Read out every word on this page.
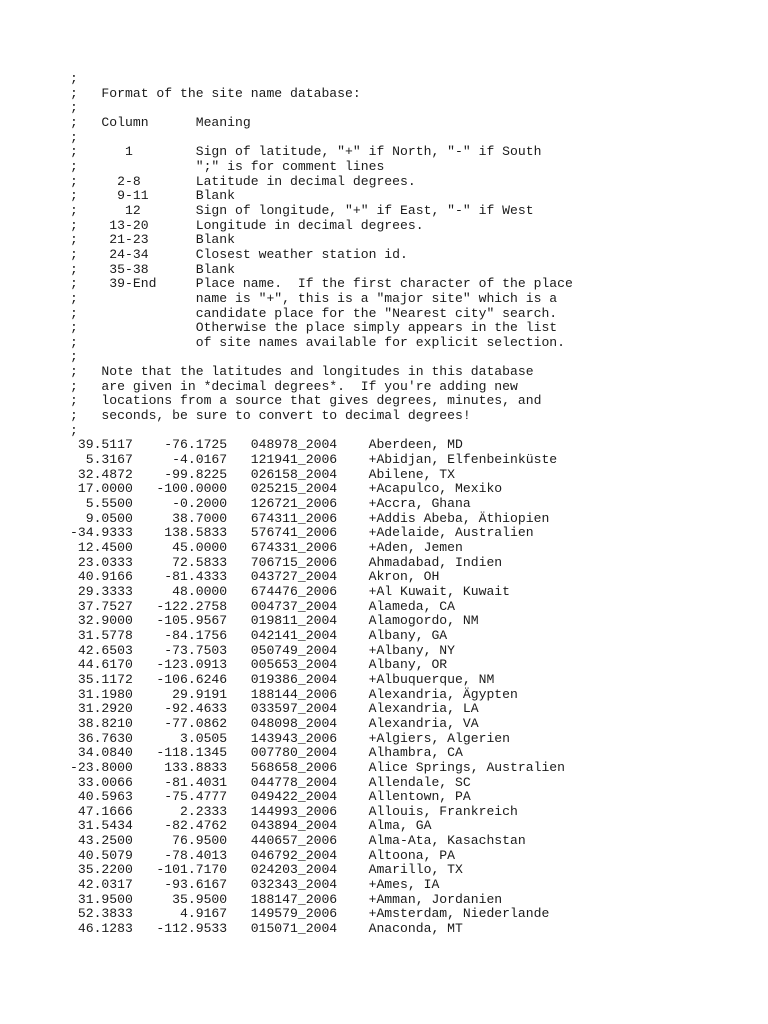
;
;   Format of the site name database:
;
;   Column      Meaning
;
;      1        Sign of latitude, "+" if North, "-" if South
;               ";" is for comment lines
;     2-8       Latitude in decimal degrees.
;     9-11      Blank
;      12       Sign of longitude, "+" if East, "-" if West
;    13-20      Longitude in decimal degrees.
;    21-23      Blank
;    24-34      Closest weather station id.
;    35-38      Blank
;    39-End     Place name.  If the first character of the place
;               name is "+", this is a "major site" which is a
;               candidate place for the "Nearest city" search.
;               Otherwise the place simply appears in the list
;               of site names available for explicit selection.
;
;   Note that the latitudes and longitudes in this database
;   are given in *decimal degrees*.  If you're adding new
;   locations from a source that gives degrees, minutes, and
;   seconds, be sure to convert to decimal degrees!
;
39.5117    -76.1725   048978_2004    Aberdeen, MD
5.3167     -4.0167   121941_2006    +Abidjan, Elfenbeinküste
32.4872    -99.8225   026158_2004    Abilene, TX
17.0000   -100.0000   025215_2004    +Acapulco, Mexiko
5.5500     -0.2000   126721_2006    +Accra, Ghana
9.0500     38.7000   674311_2006    +Addis Abeba, Äthiopien
-34.9333    138.5833   576741_2006    +Adelaide, Australien
12.4500     45.0000   674331_2006    +Aden, Jemen
23.0333     72.5833   706715_2006    Ahmadabad, Indien
40.9166    -81.4333   043727_2004    Akron, OH
29.3333     48.0000   674476_2006    +Al Kuwait, Kuwait
37.7527   -122.2758   004737_2004    Alameda, CA
32.9000   -105.9567   019811_2004    Alamogordo, NM
31.5778    -84.1756   042141_2004    Albany, GA
42.6503    -73.7503   050749_2004    +Albany, NY
44.6170   -123.0913   005653_2004    Albany, OR
35.1172   -106.6246   019386_2004    +Albuquerque, NM
31.1980     29.9191   188144_2006    Alexandria, Ägypten
31.2920    -92.4633   033597_2004    Alexandria, LA
38.8210    -77.0862   048098_2004    Alexandria, VA
36.7630      3.0505   143943_2006    +Algiers, Algerien
34.0840   -118.1345   007780_2004    Alhambra, CA
-23.8000    133.8833   568658_2006    Alice Springs, Australien
33.0066    -81.4031   044778_2004    Allendale, SC
40.5963    -75.4777   049422_2004    Allentown, PA
47.1666      2.2333   144993_2006    Allouis, Frankreich
31.5434    -82.4762   043894_2004    Alma, GA
43.2500     76.9500   440657_2006    Alma-Ata, Kasachstan
40.5079    -78.4013   046792_2004    Altoona, PA
35.2200   -101.7170   024203_2004    Amarillo, TX
42.0317    -93.6167   032343_2004    +Ames, IA
31.9500     35.9500   188147_2006    +Amman, Jordanien
52.3833      4.9167   149579_2006    +Amsterdam, Niederlande
46.1283   -112.9533   015071_2004    Anaconda, MT
